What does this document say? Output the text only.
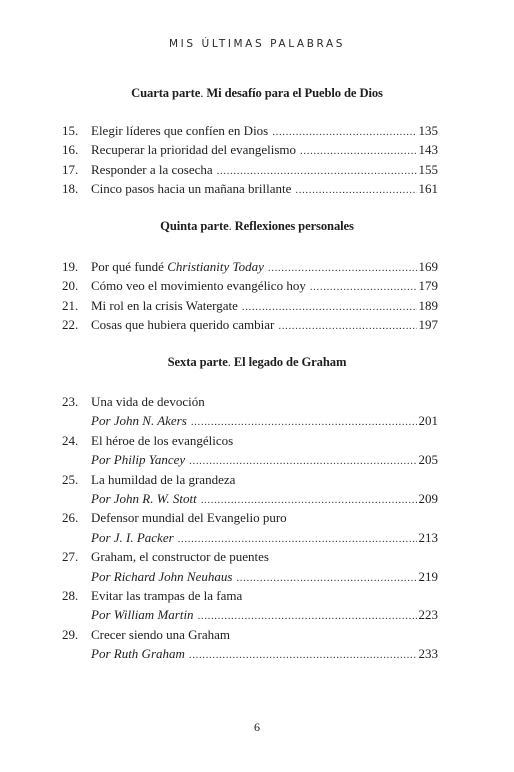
MIS ÚLTIMAS PALABRAS
Cuarta parte. Mi desafío para el Pueblo de Dios
15. Elegir líderes que confíen en Dios .....	135
16. Recuperar la prioridad del evangelismo .....	143
17. Responder a la cosecha .....	155
18. Cinco pasos hacia un mañana brillante .....	161
Quinta parte. Reflexiones personales
19. Por qué fundé Christianity Today .....	169
20. Cómo veo el movimiento evangélico hoy .....	179
21. Mi rol en la crisis Watergate .....	189
22. Cosas que hubiera querido cambiar .....	197
Sexta parte. El legado de Graham
23. Una vida de devoción
Por John N. Akers .....	201
24. El héroe de los evangélicos
Por Philip Yancey .....	205
25. La humildad de la grandeza
Por John R. W. Stott .....	209
26. Defensor mundial del Evangelio puro
Por J. I. Packer .....	213
27. Graham, el constructor de puentes
Por Richard John Neuhaus .....	219
28. Evitar las trampas de la fama
Por William Martin .....	223
29. Crecer siendo una Graham
Por Ruth Graham .....	233
6
